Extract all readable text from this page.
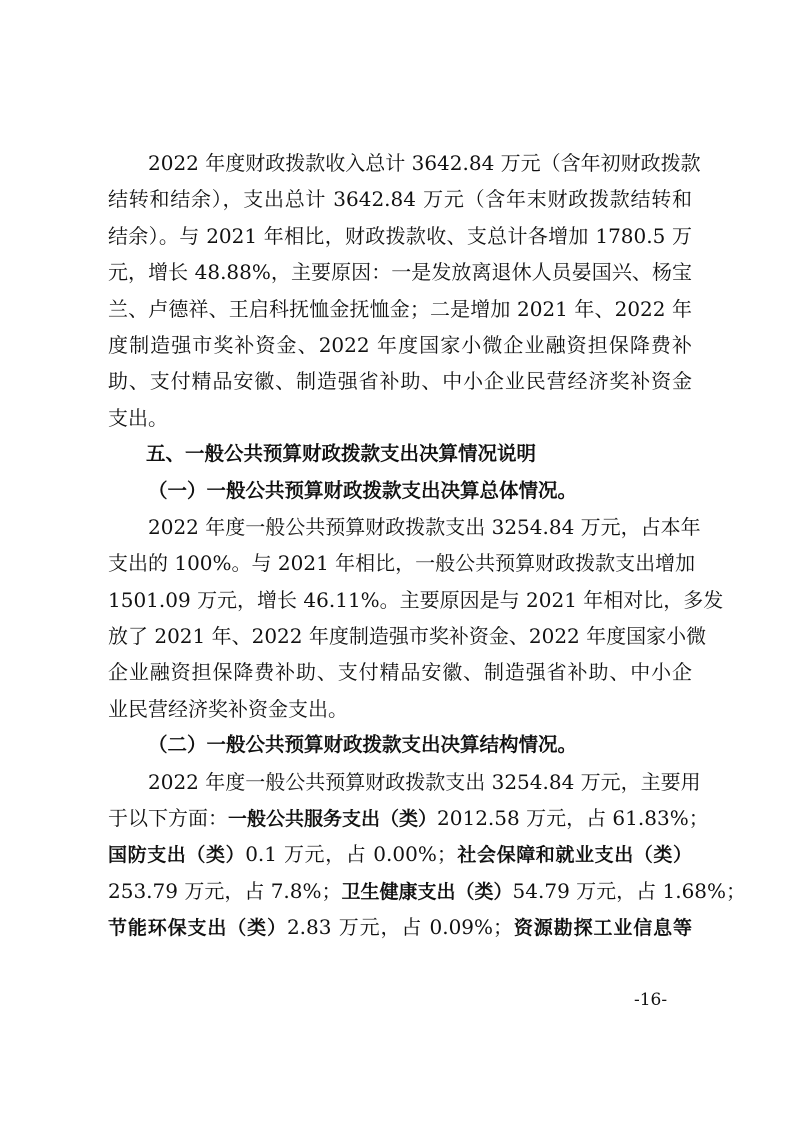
2022 年度财政拨款收入总计 3642.84 万元（含年初财政拨款
结转和结余），支出总计 3642.84 万元（含年末财政拨款结转和
结余）。与 2021 年相比，财政拨款收、支总计各增加 1780.5 万
元，增长 48.88%，主要原因：一是发放离退休人员晏国兴、杨宝
兰、卢德祥、王启科抚恤金抚恤金；二是增加 2021 年、2022 年
度制造强市奖补资金、2022 年度国家小微企业融资担保降费补
助、支付精品安徽、制造强省补助、中小企业民营经济奖补资金
支出。
五、一般公共预算财政拨款支出决算情况说明
（一）一般公共预算财政拨款支出决算总体情况。
2022 年度一般公共预算财政拨款支出 3254.84 万元，占本年
支出的 100%。与 2021 年相比，一般公共预算财政拨款支出增加
1501.09 万元，增长 46.11%。主要原因是与 2021 年相对比，多发
放了 2021 年、2022 年度制造强市奖补资金、2022 年度国家小微
企业融资担保降费补助、支付精品安徽、制造强省补助、中小企
业民营经济奖补资金支出。
（二）一般公共预算财政拨款支出决算结构情况。
2022 年度一般公共预算财政拨款支出 3254.84 万元，主要用
于以下方面：一般公共服务支出（类）2012.58 万元，占 61.83%；
国防支出（类）0.1 万元，占 0.00%；社会保障和就业支出（类）
253.79 万元，占 7.8%；卫生健康支出（类）54.79 万元，占 1.68%；
节能环保支出（类）2.83 万元，占 0.09%；资源勘探工业信息等
-16-
